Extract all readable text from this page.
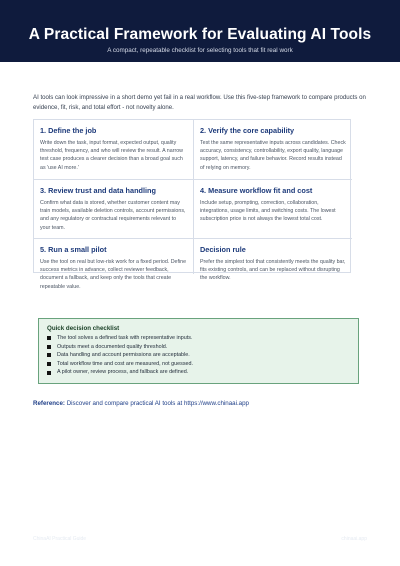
A Practical Framework for Evaluating AI Tools
A compact, repeatable checklist for selecting tools that fit real work

AI tools can look impressive in a short demo yet fail in a real workflow. Use this five-step framework to compare products on evidence, fit, risk, and total effort - not novelty alone.

1. Define the job
Write down the task, input format, expected output, quality threshold, frequency, and who will review the result. A narrow test case produces a clearer decision than a broad goal such as 'use AI more.'
2. Verify the core capability
Test the same representative inputs across candidates. Check accuracy, consistency, controllability, export quality, language support, latency, and failure behavior. Record results instead of relying on memory.
3. Review trust and data handling
Confirm what data is stored, whether customer content may train models, available deletion controls, account permissions, and any regulatory or contractual requirements relevant to your team.
4. Measure workflow fit and cost
Include setup, prompting, correction, collaboration, integrations, usage limits, and switching costs. The lowest subscription price is not always the lowest total cost.
5. Run a small pilot
Use the tool on real but low-risk work for a fixed period. Define success metrics in advance, collect reviewer feedback, document a fallback, and keep only the tools that create repeatable value.
Decision rule
Prefer the simplest tool that consistently meets the quality bar, fits existing controls, and can be replaced without disrupting the workflow.
Quick decision checklist
The tool solves a defined task with representative inputs.
Outputs meet a documented quality threshold.
Data handling and account permissions are acceptable.
Total workflow time and cost are measured, not guessed.
A pilot owner, review process, and fallback are defined.
Reference: Discover and compare practical AI tools at https://www.chinaai.app
ChinaAI Practical Guide	chinaai.app
